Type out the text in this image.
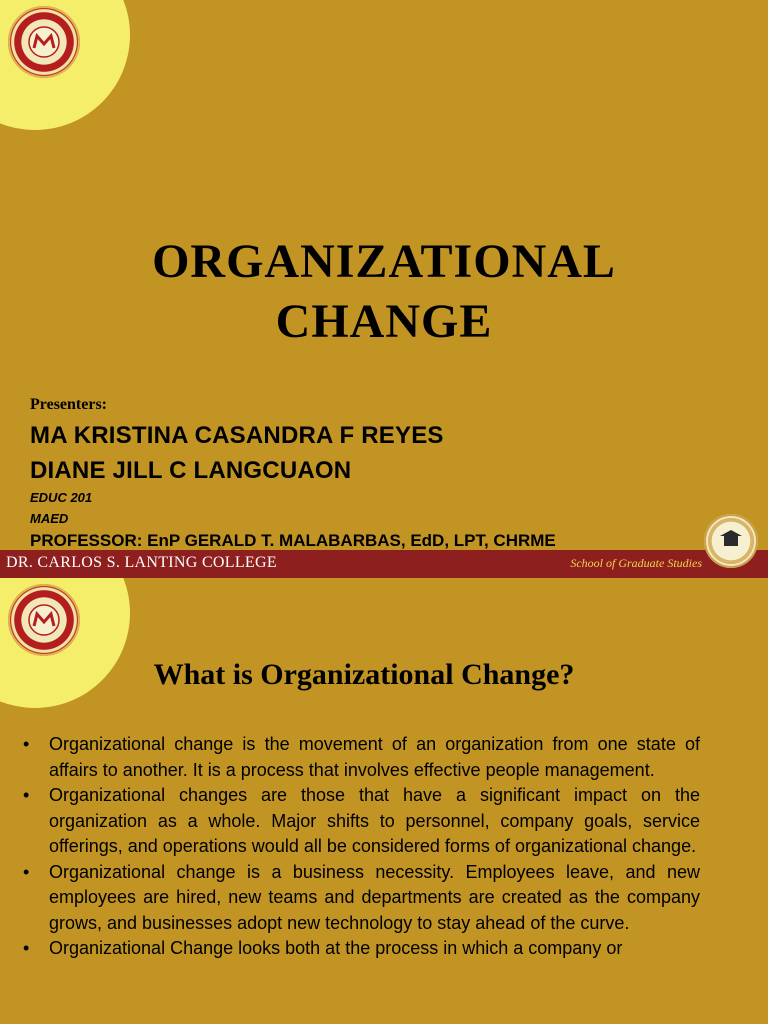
ORGANIZATIONAL
CHANGE
Presenters:
MA KRISTINA CASANDRA F REYES
DIANE JILL C LANGCUAON
EDUC 201
MAED
PROFESSOR: EnP GERALD T. MALABARBAS, EdD, LPT, CHRME
DR. CARLOS S. LANTING COLLEGE	School of Graduate Studies
What is Organizational Change?
• Organizational change is the movement of an organization from one state of affairs to another. It is a process that involves effective people management.
• Organizational changes are those that have a significant impact on the organization as a whole. Major shifts to personnel, company goals, service offerings, and operations would all be considered forms of organizational change.
• Organizational change is a business necessity. Employees leave, and new employees are hired, new teams and departments are created as the company grows, and businesses adopt new technology to stay ahead of the curve.
• Organizational Change looks both at the process in which a company or
